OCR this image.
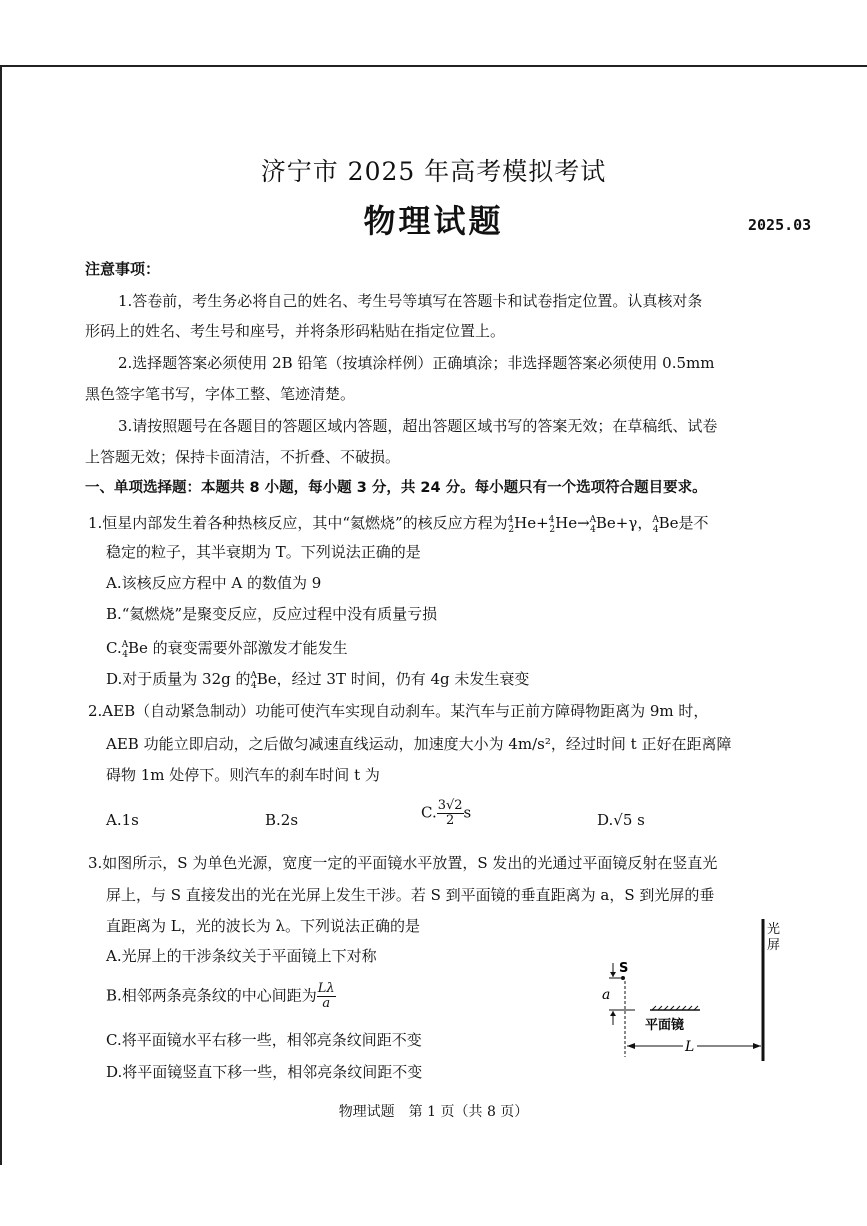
济宁市 2025 年高考模拟考试
物理试题	2025.03
注意事项：
1.答卷前，考生务必将自己的姓名、考生号等填写在答题卡和试卷指定位置。认真核对条
形码上的姓名、考生号和座号，并将条形码粘贴在指定位置上。
2.选择题答案必须使用 2B 铅笔（按填涂样例）正确填涂；非选择题答案必须使用 0.5mm
黑色签字笔书写，字体工整、笔迹清楚。
3.请按照题号在各题目的答题区域内答题，超出答题区域书写的答案无效；在草稿纸、试卷
上答题无效；保持卡面清洁，不折叠、不破损。
一、单项选择题：本题共 8 小题，每小题 3 分，共 24 分。每小题只有一个选项符合题目要求。
1.恒星内部发生着各种热核反应，其中“氦燃烧”的核反应方程为$^4_2$He+$^4_2$He→$^A_4$Be+γ，$^A_4$Be是不
稳定的粒子，其半衰期为 T。下列说法正确的是
A.该核反应方程中 A 的数值为 9
B.“氦燃烧”是聚变反应，反应过程中没有质量亏损
C.$^A_4$Be 的衰变需要外部激发才能发生
D.对于质量为 32g 的$^A_4$Be，经过 3T 时间，仍有 4g 未发生衰变
2.AEB（自动紧急制动）功能可使汽车实现自动刹车。某汽车与正前方障碍物距离为 9m 时，
AEB 功能立即启动，之后做匀减速直线运动，加速度大小为 4m/s²，经过时间 t 正好在距离障
碍物 1m 处停下。则汽车的刹车时间 t 为
A.1s	B.2s	C. $\frac{3√2}{2}$ s	D.√5 s
3.如图所示，S 为单色光源，宽度一定的平面镜水平放置，S 发出的光通过平面镜反射在竖直光
屏上，与 S 直接发出的光在光屏上发生干涉。若 S 到平面镜的垂直距离为 a，S 到光屏的垂
直距离为 L，光的波长为 λ。下列说法正确的是
A.光屏上的干涉条纹关于平面镜上下对称
B.相邻两条亮条纹的中心间距为 $\frac{L\lambda}{a}$
C.将平面镜水平右移一些，相邻亮条纹间距不变
D.将平面镜竖直下移一些，相邻亮条纹间距不变
光
屏
S
a
平面镜
L
物理试题　第 1 页（共 8 页）
